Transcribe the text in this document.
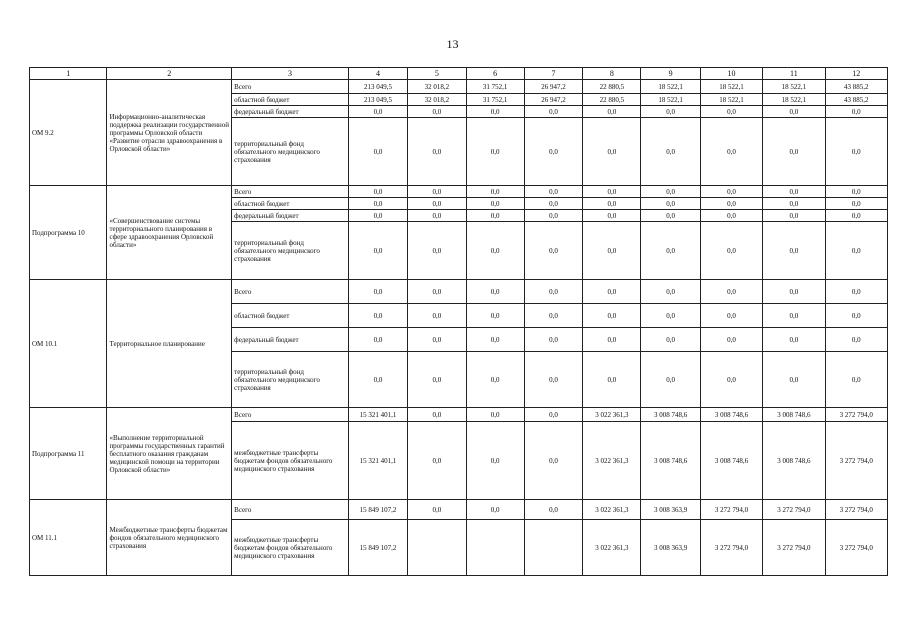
13
1	2	3	4	5	6	7	8	9	10	11	12
ОМ 9.2	Информационно-аналитическая поддержка реализации государственной программы Орловской области «Развитие отрасли здравоохранения в Орловской области»	Всего	213 049,5	32 018,2	31 752,1	26 947,2	22 880,5	18 522,1	18 522,1	18 522,1	43 885,2
		областной бюджет	213 049,5	32 018,2	31 752,1	26 947,2	22 880,5	18 522,1	18 522,1	18 522,1	43 885,2
		федеральный бюджет	0,0	0,0	0,0	0,0	0,0	0,0	0,0	0,0	0,0
		территориальный фонд обязательного медицинского страхования	0,0	0,0	0,0	0,0	0,0	0,0	0,0	0,0	0,0
Подпрограмма 10	«Совершенствование системы территориального планирования в сфере здравоохранения Орловской области»	Всего	0,0	0,0	0,0	0,0	0,0	0,0	0,0	0,0	0,0
		областной бюджет	0,0	0,0	0,0	0,0	0,0	0,0	0,0	0,0	0,0
		федеральный бюджет	0,0	0,0	0,0	0,0	0,0	0,0	0,0	0,0	0,0
		территориальный фонд обязательного медицинского страхования	0,0	0,0	0,0	0,0	0,0	0,0	0,0	0,0	0,0
ОМ 10.1	Территориальное планирование	Всего	0,0	0,0	0,0	0,0	0,0	0,0	0,0	0,0	0,0
		областной бюджет	0,0	0,0	0,0	0,0	0,0	0,0	0,0	0,0	0,0
		федеральный бюджет	0,0	0,0	0,0	0,0	0,0	0,0	0,0	0,0	0,0
		территориальный фонд обязательного медицинского страхования	0,0	0,0	0,0	0,0	0,0	0,0	0,0	0,0	0,0
Подпрограмма 11	«Выполнение территориальной программы государственных гарантий бесплатного оказания гражданам медицинской помощи на территории Орловской области»	Всего	15 321 401,1	0,0	0,0	0,0	3 022 361,3	3 008 748,6	3 008 748,6	3 008 748,6	3 272 794,0
		межбюджетные трансферты бюджетам фондов обязательного медицинского страхования	15 321 401,1	0,0	0,0	0,0	3 022 361,3	3 008 748,6	3 008 748,6	3 008 748,6	3 272 794,0
ОМ 11.1	Межбюджетные трансферты бюджетам фондов обязательного медицинского страхования	Всего	15 849 107,2	0,0	0,0	0,0	3 022 361,3	3 008 363,9	3 272 794,0	3 272 794,0	3 272 794,0
		межбюджетные трансферты бюджетам фондов обязательного медицинского страхования	15 849 107,2				3 022 361,3	3 008 363,9	3 272 794,0	3 272 794,0	3 272 794,0
